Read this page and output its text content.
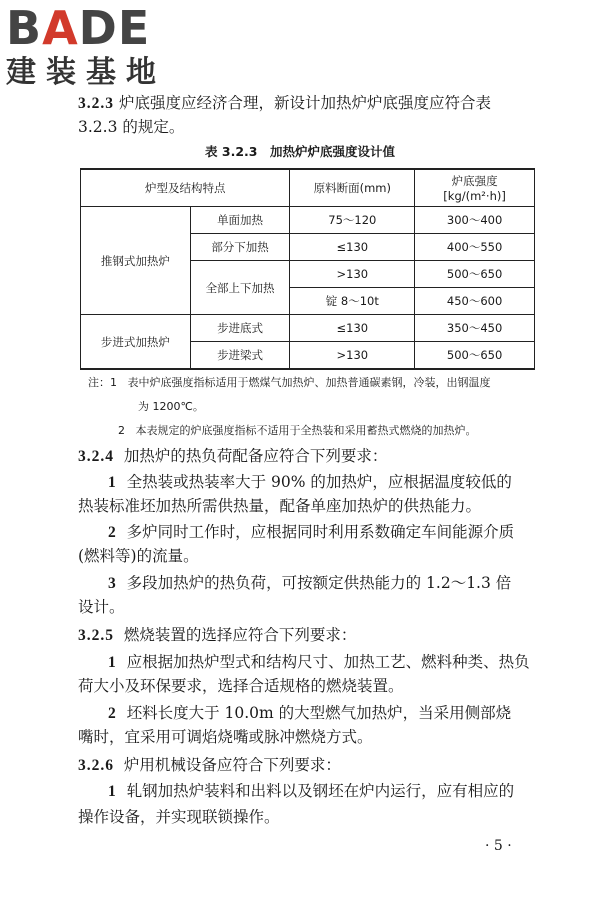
BADE
建装基地
3.2.3 炉底强度应经济合理，新设计加热炉炉底强度应符合表
3.2.3 的规定。
表 3.2.3　加热炉炉底强度设计值
炉型及结构特点		原料断面(mm)	炉底强度
[kg/(m²·h)]

推钢式加热炉	单面加热	75～120	300～400
	部分下加热	≤130	400～550
	全部上下加热	>130	500～650
		锭 8～10t	450～600
步进式加热炉	步进底式	≤130	350～450
	步进梁式	>130	500～650
注：1 表中炉底强度指标适用于燃煤气加热炉、加热普通碳素钢，冷装，出钢温度
为 1200℃。
2 本表规定的炉底强度指标不适用于全热装和采用蓄热式燃烧的加热炉。
3.2.4 加热炉的热负荷配备应符合下列要求：
1 全热装或热装率大于 90% 的加热炉，应根据温度较低的
热装标准坯加热所需供热量，配备单座加热炉的供热能力。
2 多炉同时工作时，应根据同时利用系数确定车间能源介质
(燃料等)的流量。
3 多段加热炉的热负荷，可按额定供热能力的 1.2～1.3 倍
设计。
3.2.5 燃烧装置的选择应符合下列要求：
1 应根据加热炉型式和结构尺寸、加热工艺、燃料种类、热负
荷大小及环保要求，选择合适规格的燃烧装置。
2 坯料长度大于 10.0m 的大型燃气加热炉，当采用侧部烧
嘴时，宜采用可调焰烧嘴或脉冲燃烧方式。
3.2.6 炉用机械设备应符合下列要求：
1 轧钢加热炉装料和出料以及钢坯在炉内运行，应有相应的
操作设备，并实现联锁操作。
· 5 ·
